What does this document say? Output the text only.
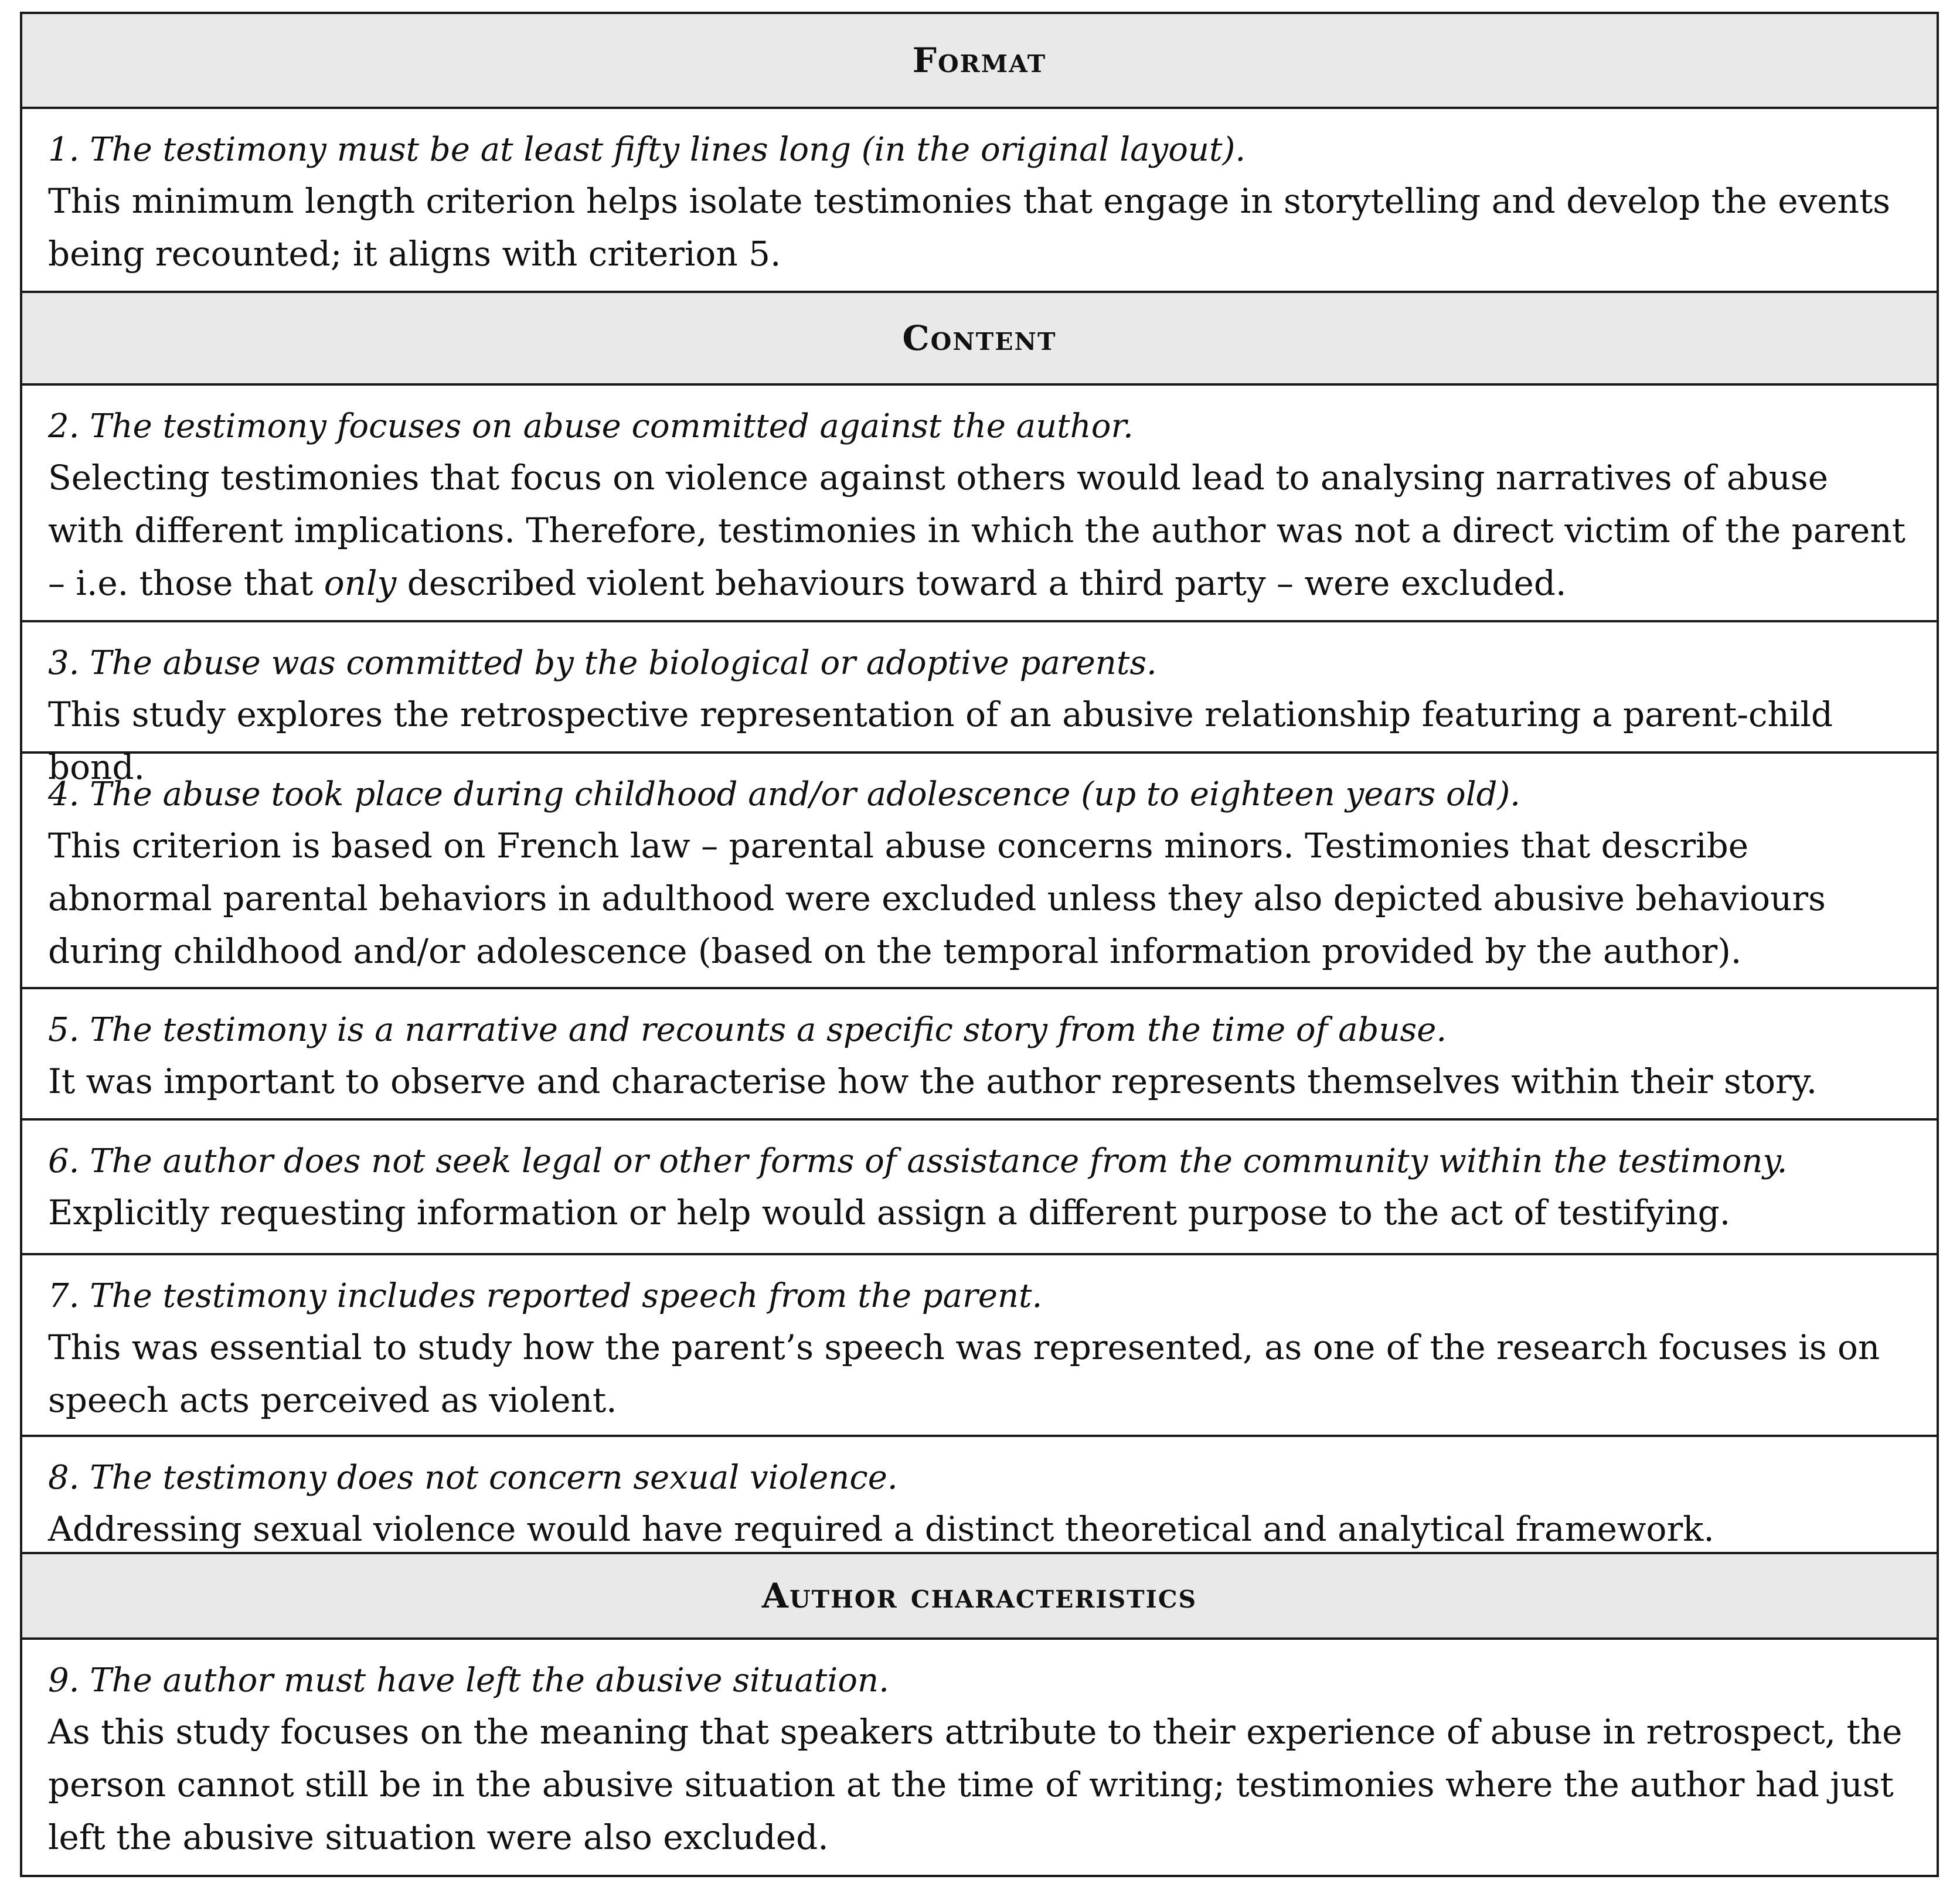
Format
1. The testimony must be at least fifty lines long (in the original layout).
This minimum length criterion helps isolate testimonies that engage in storytelling and develop the events being recounted; it aligns with criterion 5.
Content
2. The testimony focuses on abuse committed against the author.
Selecting testimonies that focus on violence against others would lead to analysing narratives of abuse with different implications. Therefore, testimonies in which the author was not a direct victim of the parent – i.e. those that only described violent behaviours toward a third party – were excluded.
3. The abuse was committed by the biological or adoptive parents.
This study explores the retrospective representation of an abusive relationship featuring a parent-child bond.
4. The abuse took place during childhood and/or adolescence (up to eighteen years old).
This criterion is based on French law – parental abuse concerns minors. Testimonies that describe abnormal parental behaviors in adulthood were excluded unless they also depicted abusive behaviours during childhood and/or adolescence (based on the temporal information provided by the author).
5. The testimony is a narrative and recounts a specific story from the time of abuse.
It was important to observe and characterise how the author represents themselves within their story.
6. The author does not seek legal or other forms of assistance from the community within the testimony.
Explicitly requesting information or help would assign a different purpose to the act of testifying.
7. The testimony includes reported speech from the parent.
This was essential to study how the parent’s speech was represented, as one of the research focuses is on speech acts perceived as violent.
8. The testimony does not concern sexual violence.
Addressing sexual violence would have required a distinct theoretical and analytical framework.
Author characteristics
9. The author must have left the abusive situation.
As this study focuses on the meaning that speakers attribute to their experience of abuse in retrospect, the person cannot still be in the abusive situation at the time of writing; testimonies where the author had just left the abusive situation were also excluded.
